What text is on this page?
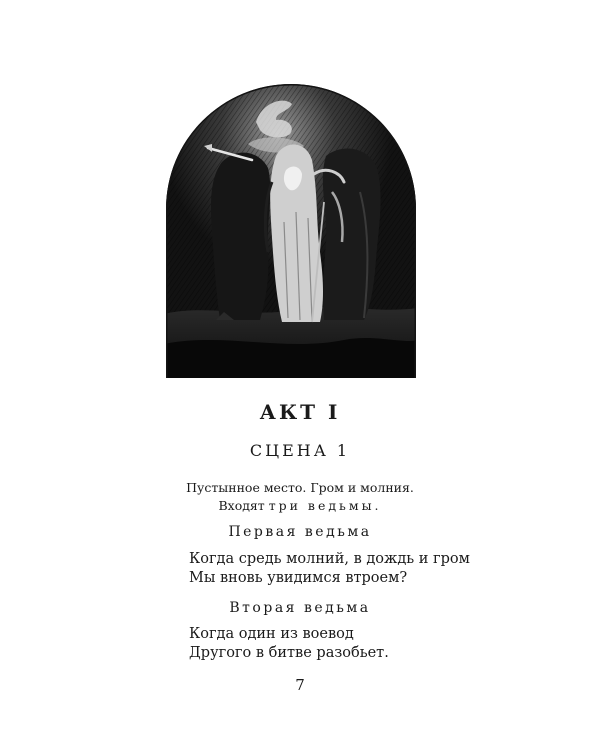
АКТ I
СЦЕНА 1
Пустынное место. Гром и молния.
Входят три ведьмы.
Первая ведьма
Когда средь молний, в дождь и гром
Мы вновь увидимся втроем?
Вторая ведьма
Когда один из воевод
Другого в битве разобьет.
7
